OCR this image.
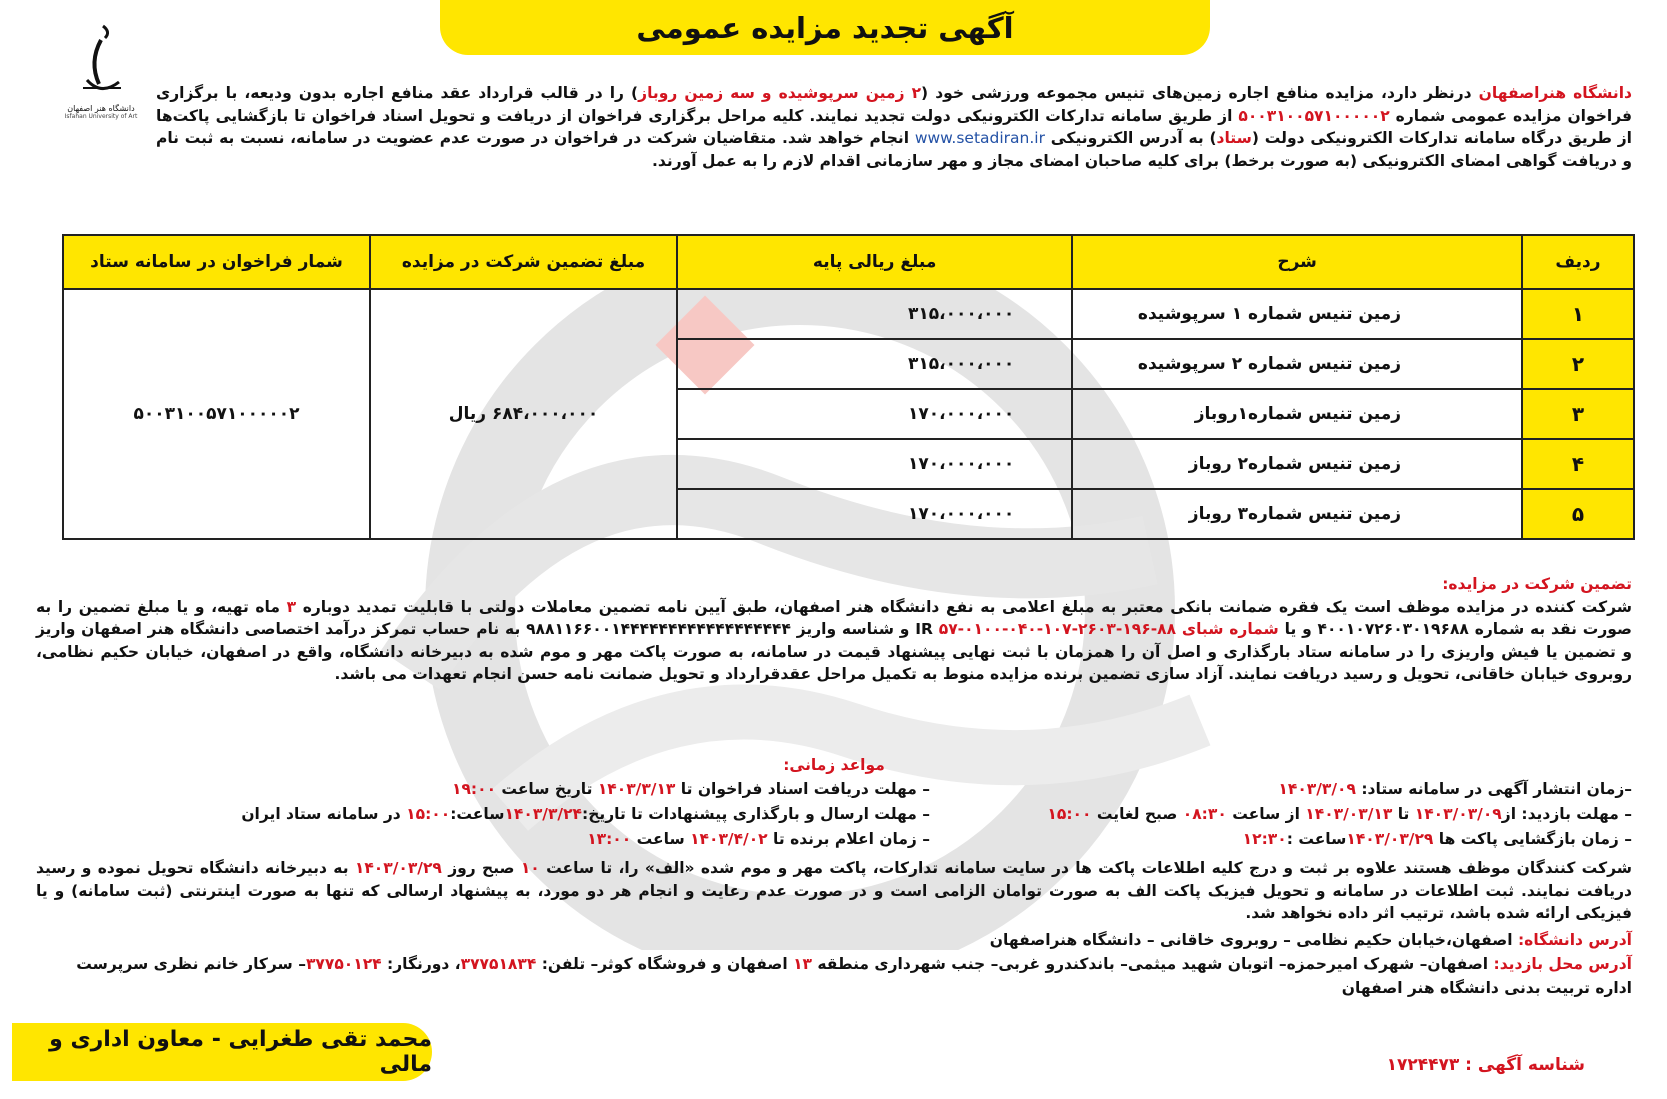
آگهی تجدید مزایده عمومی
دانشگاه هنر اصفهان
Isfahan University of Art
دانشگاه هنراصفهان درنظر دارد، مزایده منافع اجاره زمین‌های تنیس مجموعه ورزشی خود (۲ زمین سرپوشیده و سه زمین روباز) را در قالب قرارداد عقد منافع اجاره بدون ودیعه، با برگزاری فراخوان مزایده عمومی شماره ۵۰۰۳۱۰۰۵۷۱۰۰۰۰۰۲ از طریق سامانه تدارکات الکترونیکی دولت تجدید نمایند. کلیه مراحل برگزاری فراخوان از دریافت و تحویل اسناد فراخوان تا بازگشایی پاکت‌ها از طریق درگاه سامانه تدارکات الکترونیکی دولت (ستاد) به آدرس الکترونیکی www.setadiran.ir انجام خواهد شد. متقاضیان شرکت در فراخوان در صورت عدم عضویت در سامانه، نسبت به ثبت نام و دریافت گواهی امضای الکترونیکی (به صورت برخط) برای کلیه صاحبان امضای مجاز و مهر سازمانی اقدام لازم را به عمل آورند.
ردیف	شرح	مبلغ ریالی پایه	مبلغ تضمین شرکت در مزایده	شمار فراخوان در سامانه ستاد
۱	زمین تنیس شماره ۱ سرپوشیده	۳۱۵،۰۰۰،۰۰۰	۶۸۴،۰۰۰،۰۰۰ ریال	۵۰۰۳۱۰۰۵۷۱۰۰۰۰۰۲
۲	زمین تنیس شماره ۲ سرپوشیده	۳۱۵،۰۰۰،۰۰۰		
۳	زمین تنیس شماره۱روباز	۱۷۰،۰۰۰،۰۰۰		
۴	زمین تنیس شماره۲ روباز	۱۷۰،۰۰۰،۰۰۰		
۵	زمین تنیس شماره۳ روباز	۱۷۰،۰۰۰،۰۰۰		
تضمین شرکت در مزایده:
شرکت کننده در مزایده موظف است یک فقره ضمانت بانکی معتبر به مبلغ اعلامی به نفع دانشگاه هنر اصفهان، طبق آیین نامه تضمین معاملات دولتی با قابلیت تمدید دوباره ۳ ماه تهیه، و یا مبلغ تضمین را به صورت نقد به شماره ۴۰۰۱۰۷۲۶۰۳۰۱۹۶۸۸ و یا شماره شبای ۸۸-۱۹۶-۲۶۰۳-۱۰۷-۰۴۰-۰۱۰۰-۵۷ IR و شناسه واریز ۹۸۸۱۱۶۶۰۰۱۴۴۴۴۴۴۴۴۴۴۴۴۴۴۴۴۴۴ به نام حساب تمرکز درآمد اختصاصی دانشگاه هنر اصفهان واریز و تضمین یا فیش واریزی را در سامانه ستاد بارگذاری و اصل آن را همزمان با ثبت نهایی پیشنهاد قیمت در سامانه، به صورت پاکت مهر و موم شده به دبیرخانه دانشگاه، واقع در اصفهان، خیابان حکیم نظامی، روبروی خیابان خاقانی، تحویل و رسید دریافت نمایند. آزاد سازی تضمین برنده مزایده منوط به تکمیل مراحل عقدقرارداد و تحویل ضمانت نامه حسن انجام تعهدات می باشد.
مواعد زمانی:
–زمان انتشار آگهی در سامانه ستاد: ۱۴۰۳/۳/۰۹
– مهلت دریافت اسناد فراخوان تا ۱۴۰۳/۳/۱۳ تاریخ ساعت ۱۹:۰۰
– مهلت بازدید: از۱۴۰۳/۰۳/۰۹ تا ۱۴۰۳/۰۳/۱۳ از ساعت ۰۸:۳۰ صبح لغایت ۱۵:۰۰
– مهلت ارسال و بارگذاری پیشنهادات تا تاریخ:۱۴۰۳/۳/۲۴ساعت:۱۵:۰۰ در سامانه ستاد ایران
– زمان بازگشایی پاکت ها ۱۴۰۳/۰۳/۲۹ساعت :۱۲:۳۰
– زمان اعلام برنده تا ۱۴۰۳/۴/۰۲ ساعت ۱۳:۰۰
شرکت کنندگان موظف هستند علاوه بر ثبت و درج کلیه اطلاعات پاکت ها در سایت سامانه تدارکات، پاکت مهر و موم شده «الف» را، تا ساعت ۱۰ صبح روز ۱۴۰۳/۰۳/۲۹ به دبیرخانه دانشگاه تحویل نموده و رسید دریافت نمایند. ثبت اطلاعات در سامانه و تحویل فیزیک پاکت الف به صورت توامان الزامی است و در صورت عدم رعایت و انجام هر دو مورد، به پیشنهاد ارسالی که تنها به صورت اینترنتی (ثبت سامانه) و یا فیزیکی ارائه شده باشد، ترتیب اثر داده نخواهد شد.
آدرس دانشگاه: اصفهان،خیابان حکیم نظامی – روبروی خاقانی – دانشگاه هنراصفهان
آدرس محل بازدید: اصفهان– شهرک امیرحمزه– اتوبان شهید میثمی– باندکندرو غربی– جنب شهرداری منطقه ۱۳ اصفهان و فروشگاه کوثر– تلفن: ۳۷۷۵۱۸۳۴، دورنگار: ۳۷۷۵۰۱۲۴– سرکار خانم نظری سرپرست اداره تربیت بدنی دانشگاه هنر اصفهان
محمد تقی طغرایی - معاون اداری و مالی	شناسه آگهی : ۱۷۲۴۴۷۳
